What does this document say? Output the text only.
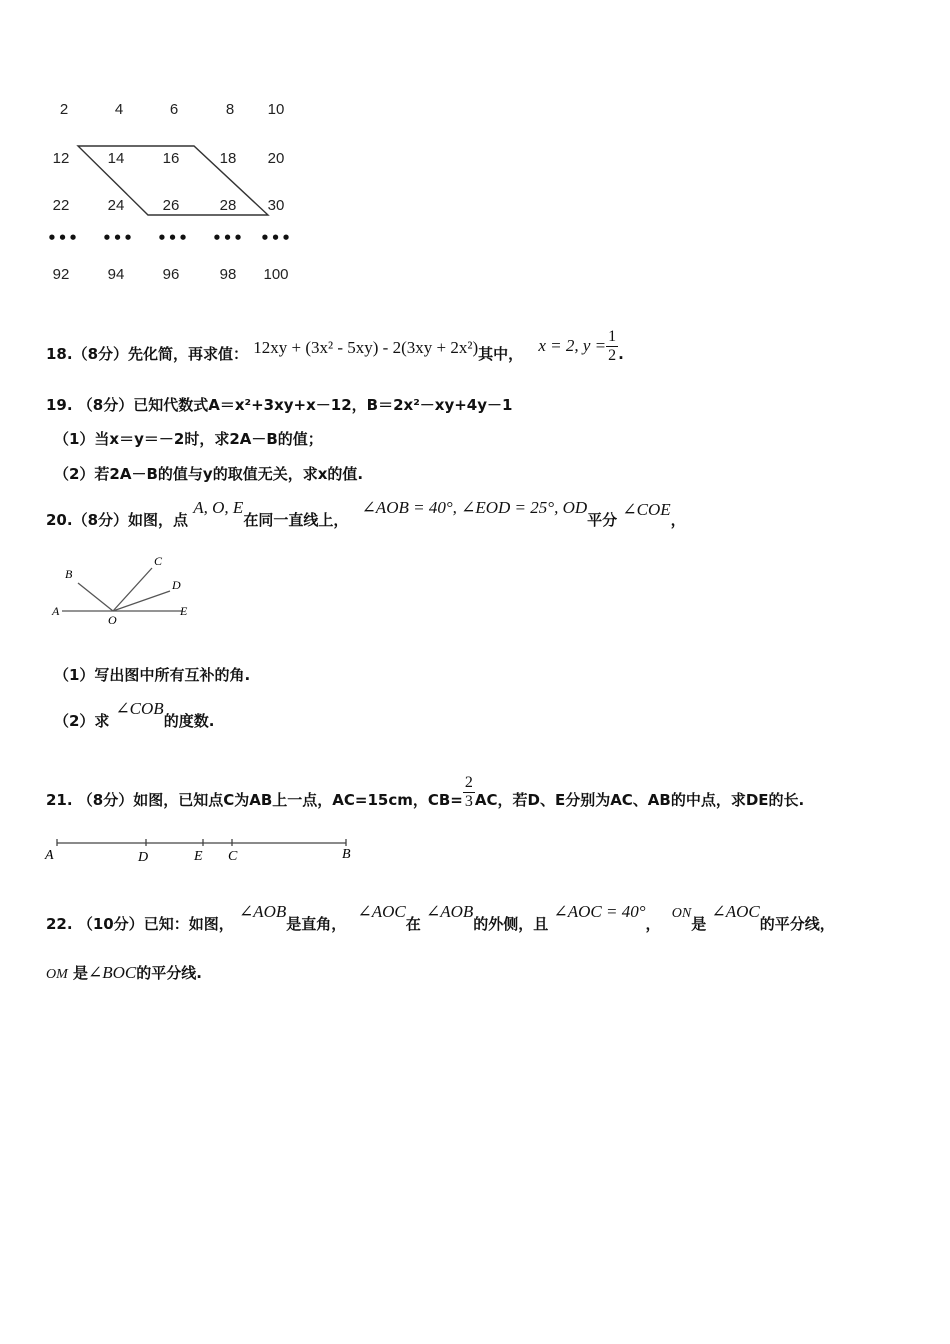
2	4	6	8	10
12	14	16	18	20
22	24	26	28	30
••• ••• ••• ••• •••
92	94	96	98	100
18.（8分）先化简，再求值： 12xy + (3x² - 5xy) - 2(3xy + 2x²)其中， x = 2, $y = \frac{1}{2}$ .
19. （8分）已知代数式A＝x²+3xy+x－12，B＝2x²－xy+4y－1
（1）当x＝y＝－2时，求2A－B的值；
（2）若2A－B的值与y的取值无关，求x的值.
20.（8分）如图，点 A, O, E在同一直线上， ∠AOB = 40°, ∠EOD = 25°, OD平分 ∠COE，
A
B
C
D
E
O
（1）写出图中所有互补的角.
（2）求∠COB的度数.
21. （8分）如图，已知点C为AB上一点，AC=15cm，$CB= \frac{2}{3}$ AC，若D、E分别为AC、AB的中点，求DE的长.
A	D	E C	B
22. （10分）已知：如图， ∠AOB是直角， ∠AOC在 ∠AOB的外侧，且 ∠AOC = 40°， ON是 ∠AOC的平分线，
OM 是∠BOC的平分线.
